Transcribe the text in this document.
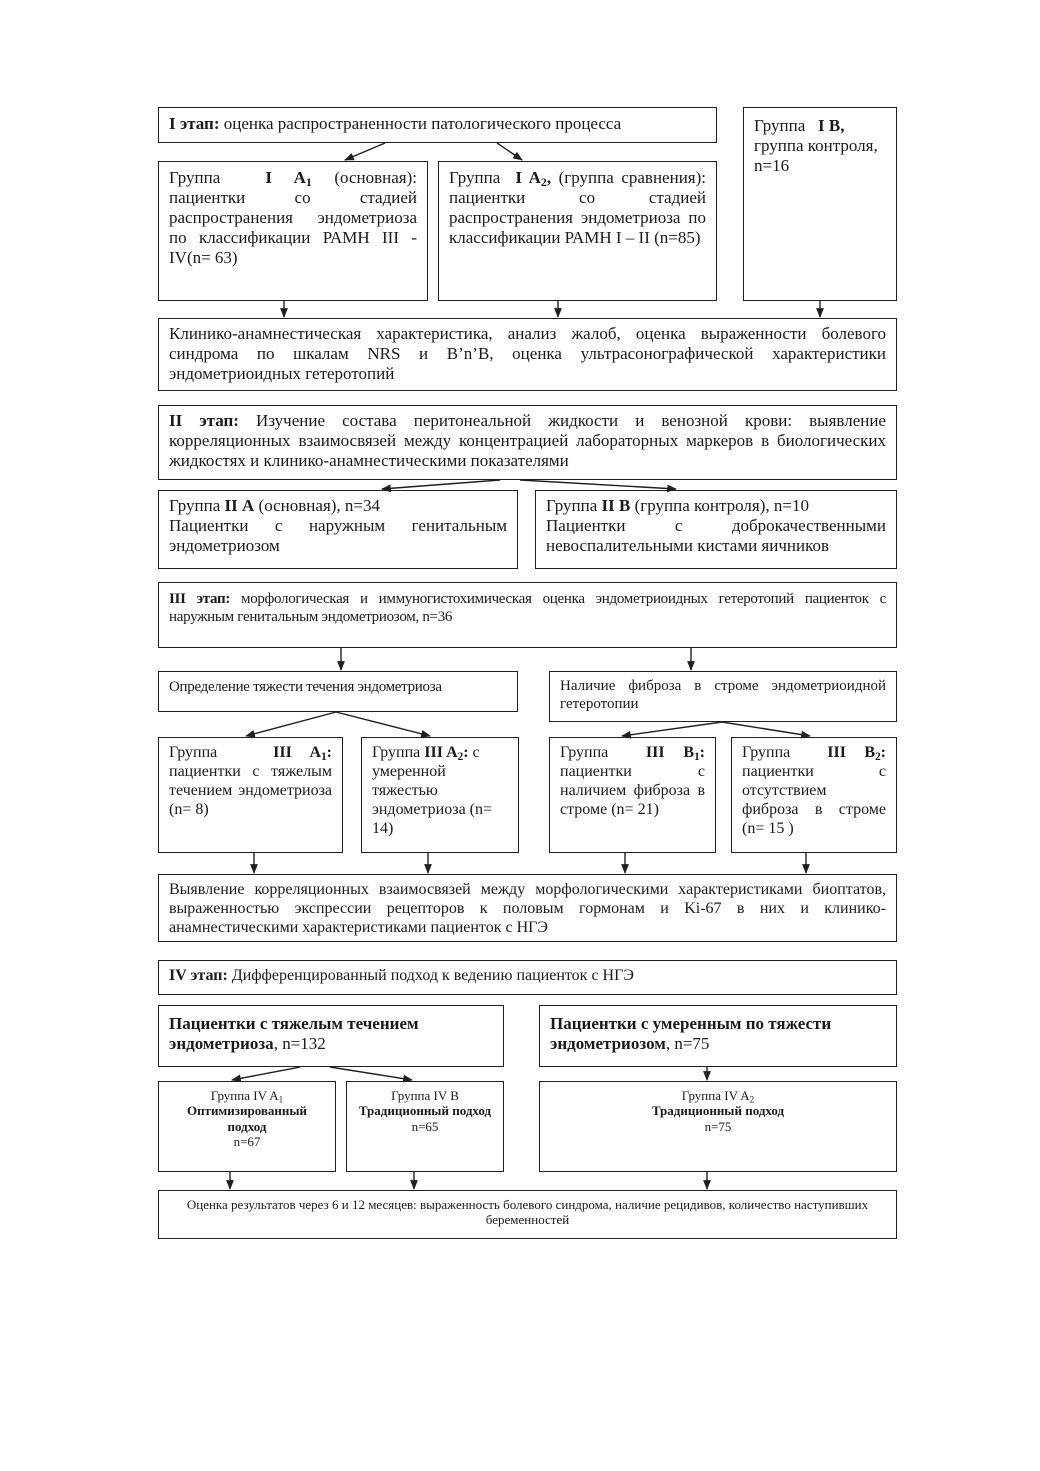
I этап: оценка распространенности патологического процесса	Группа I В, группа контроля, n=16
Группа	I $A_1$ (основная): пациентки со стадией распространения эндометриоза по классификации РАМН III - IV(n= 63)
Группа I $A_2$, (группа сравнения): пациентки со стадией распространения эндометриоза по классификации РАМН I – II (n=85)
Клинико-анамнестическая характеристика, анализ жалоб, оценка выраженности болевого синдрома по шкалам NRS и B’n’B, оценка ультрасонографической характеристики эндометриоидных гетеротопий
II этап: Изучение состава перитонеальной жидкости и венозной крови: выявление корреляционных взаимосвязей между концентрацией лабораторных маркеров в биологических жидкостях и клинико-анамнестическими показателями
Группа II А (основная), n=34
Пациентки с наружным генитальным эндометриозом
Группа II В (группа контроля), n=10
Пациентки с доброкачественными невоспалительными кистами яичников
III этап: морфологическая и иммуногистохимическая оценка эндометриоидных гетеротопий пациенток с наружным генитальным эндометриозом, n=36
Определение тяжести течения эндометриоза	Наличие фиброза в строме эндометриоидной гетеротопии
Группа	III $A_1$: пациентки с тяжелым течением эндометриоза (n= 8)
Группа III $A_2$: с умеренной тяжестью эндометриоза (n= 14)
Группа III $B_1$: пациентки с наличием фиброза в строме (n= 21)
Группа III $B_2$: пациентки с отсутствием фиброза в строме (n= 15 )
Выявление корреляционных взаимосвязей между морфологическими характеристиками биоптатов, выраженностью экспрессии рецепторов к половым гормонам и Ki-67 в них и клинико-анамнестическими характеристиками пациенток с НГЭ
IV этап: Дифференцированный подход к ведению пациенток с НГЭ
Пациентки с тяжелым течением эндометриоза, n=132
Пациентки с умеренным по тяжести эндометриозом, n=75
Группа IV $A_1$
Оптимизированный подход
n=67
Группа IV B
Традиционный подход
n=65
Группа IV $A_2$
Традиционный подход
n=75
Оценка результатов через 6 и 12 месяцев: выраженность болевого синдрома, наличие рецидивов, количество наступивших беременностей
